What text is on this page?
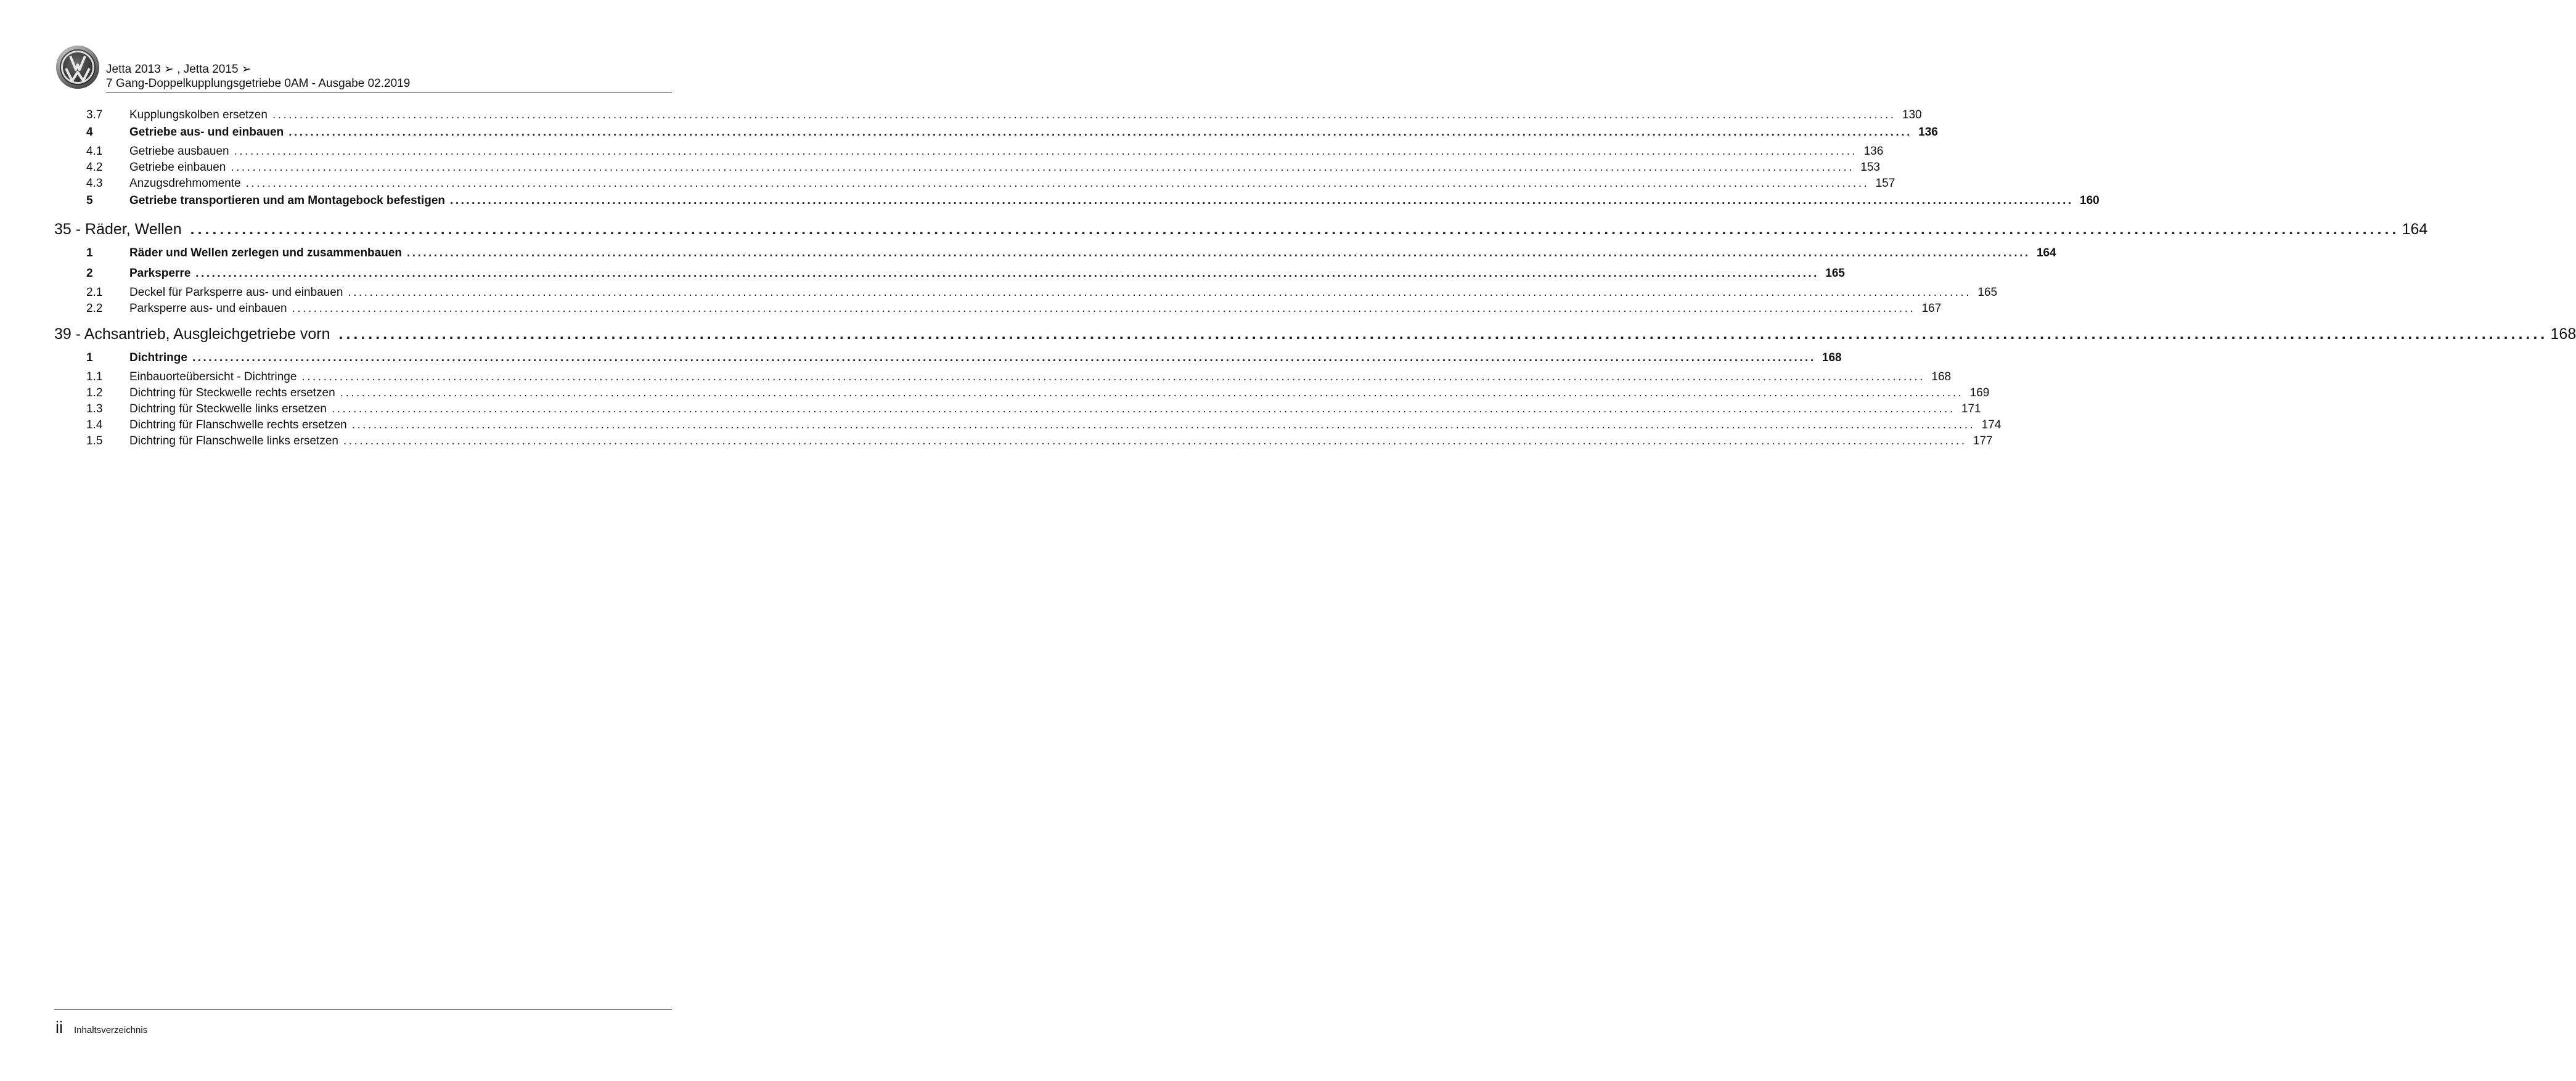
Jetta 2013 ➢ , Jetta 2015 ➢
7 Gang-Doppelkupplungsgetriebe 0AM - Ausgabe 02.2019
3.7	Kupplungskolben ersetzen ............................................................................................................................................................................................................................................................................................................ 130
4	Getriebe aus- und einbauen ............................................................................................................................................................................................................................................................................................................ 136
4.1	Getriebe ausbauen ............................................................................................................................................................................................................................................................................................................ 136
4.2	Getriebe einbauen ............................................................................................................................................................................................................................................................................................................ 153
4.3	Anzugsdrehmomente ............................................................................................................................................................................................................................................................................................................ 157
5	Getriebe transportieren und am Montagebock befestigen ............................................................................................................................................................................................................................................................................................................ 160
35 - Räder, Wellen ............................................................................................................................................................................................................................................................................................................ 164
1	Räder und Wellen zerlegen und zusammenbauen ............................................................................................................................................................................................................................................................................................................ 164
2	Parksperre ............................................................................................................................................................................................................................................................................................................ 165
2.1	Deckel für Parksperre aus- und einbauen ............................................................................................................................................................................................................................................................................................................ 165
2.2	Parksperre aus- und einbauen ............................................................................................................................................................................................................................................................................................................ 167
39 - Achsantrieb, Ausgleichgetriebe vorn ............................................................................................................................................................................................................................................................................................................ 168
1	Dichtringe ............................................................................................................................................................................................................................................................................................................ 168
1.1	Einbauorteübersicht - Dichtringe ............................................................................................................................................................................................................................................................................................................ 168
1.2	Dichtring für Steckwelle rechts ersetzen ............................................................................................................................................................................................................................................................................................................ 169
1.3	Dichtring für Steckwelle links ersetzen ............................................................................................................................................................................................................................................................................................................ 171
1.4	Dichtring für Flanschwelle rechts ersetzen ............................................................................................................................................................................................................................................................................................................ 174
1.5	Dichtring für Flanschwelle links ersetzen ............................................................................................................................................................................................................................................................................................................ 177
ii Inhaltsverzeichnis
